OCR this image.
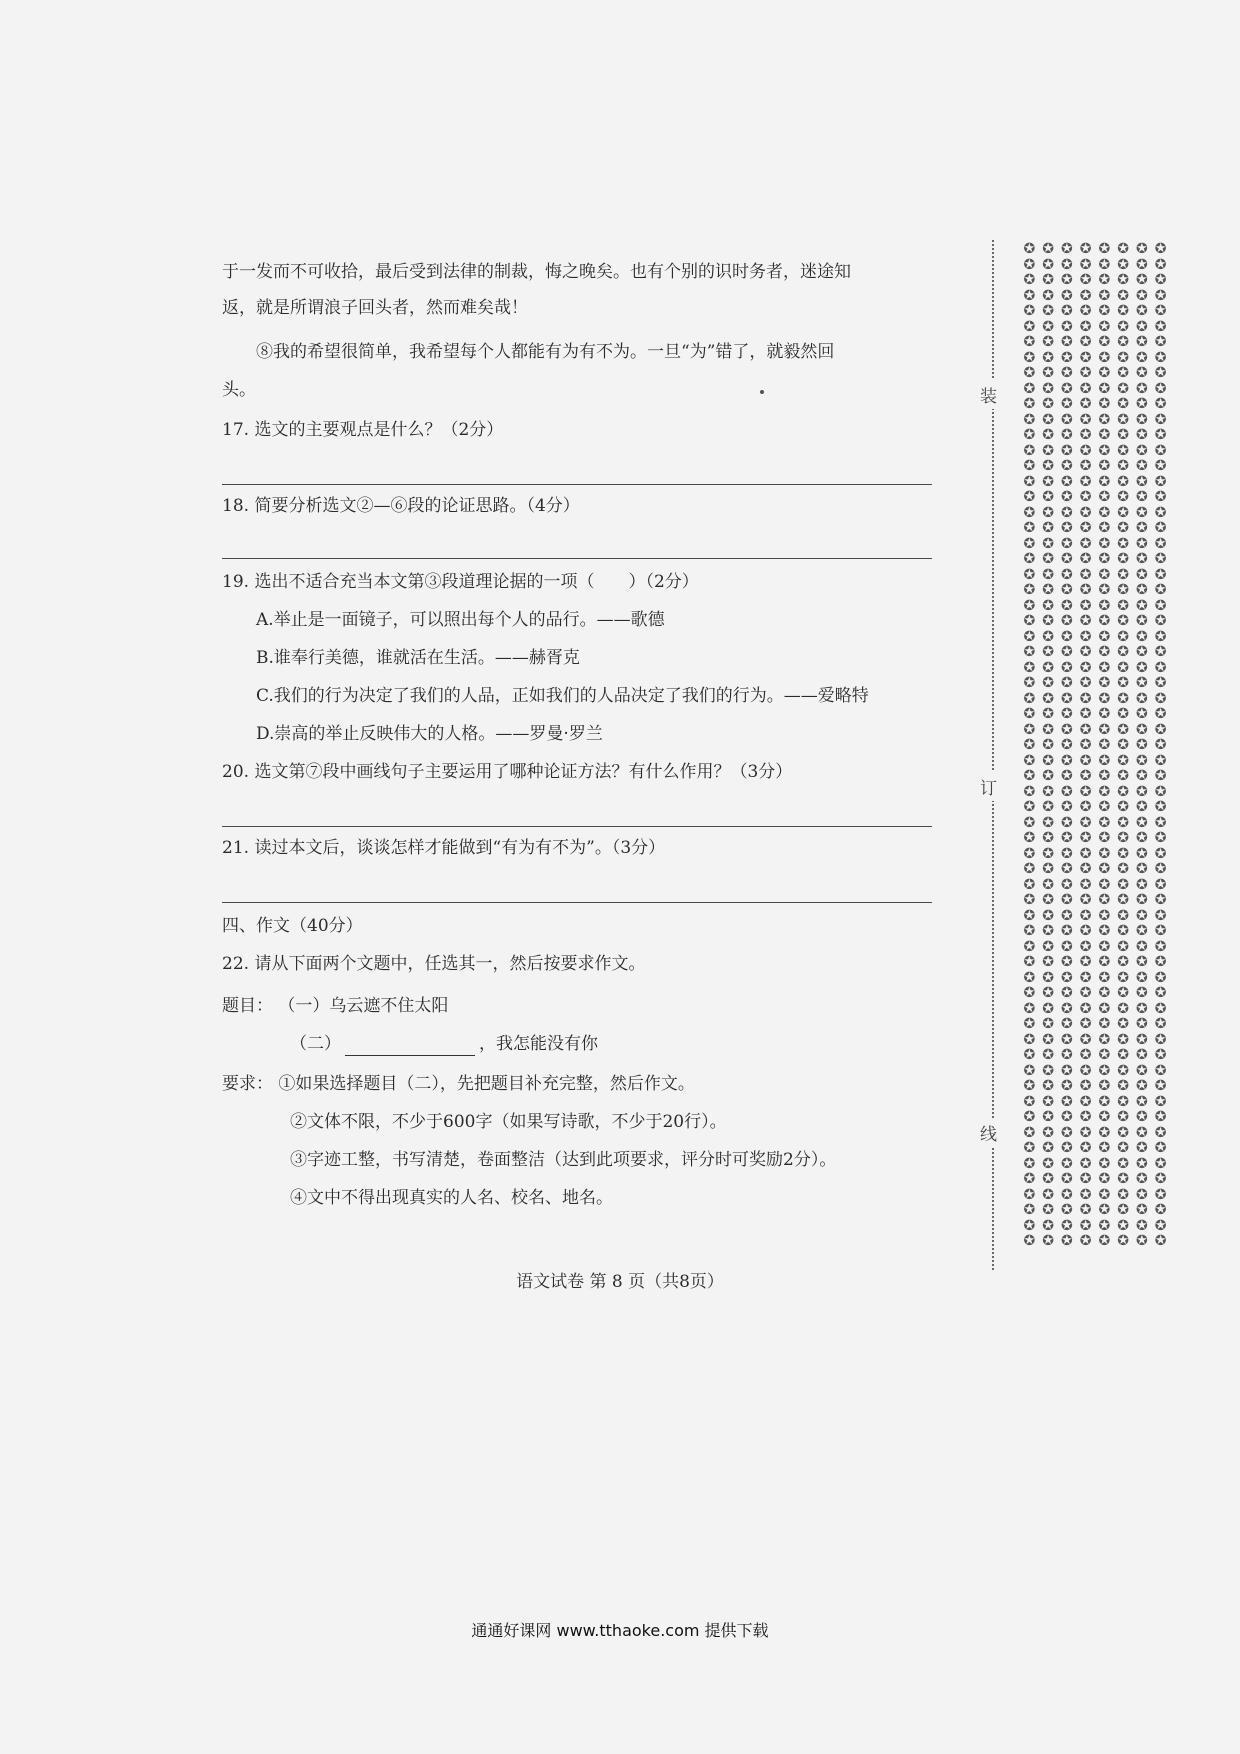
于一发而不可收拾，最后受到法律的制裁，悔之晚矣。也有个别的识时务者，迷途知
返，就是所谓浪子回头者，然而难矣哉！
⑧我的希望很简单，我希望每个人都能有为有不为。一旦“为”错了，就毅然回
头。
17. 选文的主要观点是什么？（2分）
18. 简要分析选文②—⑥段的论证思路。（4分）
19. 选出不适合充当本文第③段道理论据的一项（　　）（2分）
A.举止是一面镜子，可以照出每个人的品行。——歌德
B.谁奉行美德，谁就活在生活。——赫胥克
C.我们的行为决定了我们的人品，正如我们的人品决定了我们的行为。——爱略特
D.崇高的举止反映伟大的人格。——罗曼·罗兰
20. 选文第⑦段中画线句子主要运用了哪种论证方法？有什么作用？（3分）
21. 读过本文后，谈谈怎样才能做到“有为有不为”。（3分）
四、作文（40分）
22. 请从下面两个文题中，任选其一，然后按要求作文。
题目： （一）乌云遮不住太阳
（二）	，我怎能没有你
要求： ①如果选择题目（二），先把题目补充完整，然后作文。
②文体不限，不少于600字（如果写诗歌，不少于20行）。
③字迹工整，书写清楚，卷面整洁（达到此项要求，评分时可奖励2分）。
④文中不得出现真实的人名、校名、地名。
语文试卷 第 8 页（共8页）
装
订
线
✪ ✪ ✪ ✪ ✪ ✪ ✪ ✪
✪ ✪ ✪ ✪ ✪ ✪ ✪ ✪
✪ ✪ ✪ ✪ ✪ ✪ ✪ ✪
✪ ✪ ✪ ✪ ✪ ✪ ✪ ✪
✪ ✪ ✪ ✪ ✪ ✪ ✪ ✪
✪ ✪ ✪ ✪ ✪ ✪ ✪ ✪
✪ ✪ ✪ ✪ ✪ ✪ ✪ ✪
✪ ✪ ✪ ✪ ✪ ✪ ✪ ✪
✪ ✪ ✪ ✪ ✪ ✪ ✪ ✪
✪ ✪ ✪ ✪ ✪ ✪ ✪ ✪
✪ ✪ ✪ ✪ ✪ ✪ ✪ ✪
✪ ✪ ✪ ✪ ✪ ✪ ✪ ✪
✪ ✪ ✪ ✪ ✪ ✪ ✪ ✪
✪ ✪ ✪ ✪ ✪ ✪ ✪ ✪
✪ ✪ ✪ ✪ ✪ ✪ ✪ ✪
✪ ✪ ✪ ✪ ✪ ✪ ✪ ✪
✪ ✪ ✪ ✪ ✪ ✪ ✪ ✪
✪ ✪ ✪ ✪ ✪ ✪ ✪ ✪
✪ ✪ ✪ ✪ ✪ ✪ ✪ ✪
✪ ✪ ✪ ✪ ✪ ✪ ✪ ✪
✪ ✪ ✪ ✪ ✪ ✪ ✪ ✪
✪ ✪ ✪ ✪ ✪ ✪ ✪ ✪
✪ ✪ ✪ ✪ ✪ ✪ ✪ ✪
✪ ✪ ✪ ✪ ✪ ✪ ✪ ✪
✪ ✪ ✪ ✪ ✪ ✪ ✪ ✪
✪ ✪ ✪ ✪ ✪ ✪ ✪ ✪
✪ ✪ ✪ ✪ ✪ ✪ ✪ ✪
✪ ✪ ✪ ✪ ✪ ✪ ✪ ✪
✪ ✪ ✪ ✪ ✪ ✪ ✪ ✪
✪ ✪ ✪ ✪ ✪ ✪ ✪ ✪
✪ ✪ ✪ ✪ ✪ ✪ ✪ ✪
✪ ✪ ✪ ✪ ✪ ✪ ✪ ✪
✪ ✪ ✪ ✪ ✪ ✪ ✪ ✪
✪ ✪ ✪ ✪ ✪ ✪ ✪ ✪
✪ ✪ ✪ ✪ ✪ ✪ ✪ ✪
✪ ✪ ✪ ✪ ✪ ✪ ✪ ✪
✪ ✪ ✪ ✪ ✪ ✪ ✪ ✪
✪ ✪ ✪ ✪ ✪ ✪ ✪ ✪
✪ ✪ ✪ ✪ ✪ ✪ ✪ ✪
✪ ✪ ✪ ✪ ✪ ✪ ✪ ✪
✪ ✪ ✪ ✪ ✪ ✪ ✪ ✪
✪ ✪ ✪ ✪ ✪ ✪ ✪ ✪
✪ ✪ ✪ ✪ ✪ ✪ ✪ ✪
✪ ✪ ✪ ✪ ✪ ✪ ✪ ✪
✪ ✪ ✪ ✪ ✪ ✪ ✪ ✪
✪ ✪ ✪ ✪ ✪ ✪ ✪ ✪
✪ ✪ ✪ ✪ ✪ ✪ ✪ ✪
✪ ✪ ✪ ✪ ✪ ✪ ✪ ✪
✪ ✪ ✪ ✪ ✪ ✪ ✪ ✪
✪ ✪ ✪ ✪ ✪ ✪ ✪ ✪
✪ ✪ ✪ ✪ ✪ ✪ ✪ ✪
✪ ✪ ✪ ✪ ✪ ✪ ✪ ✪
✪ ✪ ✪ ✪ ✪ ✪ ✪ ✪
✪ ✪ ✪ ✪ ✪ ✪ ✪ ✪
✪ ✪ ✪ ✪ ✪ ✪ ✪ ✪
✪ ✪ ✪ ✪ ✪ ✪ ✪ ✪
✪ ✪ ✪ ✪ ✪ ✪ ✪ ✪
✪ ✪ ✪ ✪ ✪ ✪ ✪ ✪
✪ ✪ ✪ ✪ ✪ ✪ ✪ ✪
✪ ✪ ✪ ✪ ✪ ✪ ✪ ✪
✪ ✪ ✪ ✪ ✪ ✪ ✪ ✪
✪ ✪ ✪ ✪ ✪ ✪ ✪ ✪
✪ ✪ ✪ ✪ ✪ ✪ ✪ ✪
✪ ✪ ✪ ✪ ✪ ✪ ✪ ✪
✪ ✪ ✪ ✪ ✪ ✪ ✪ ✪
通通好课网 www.tthaoke.com 提供下载
